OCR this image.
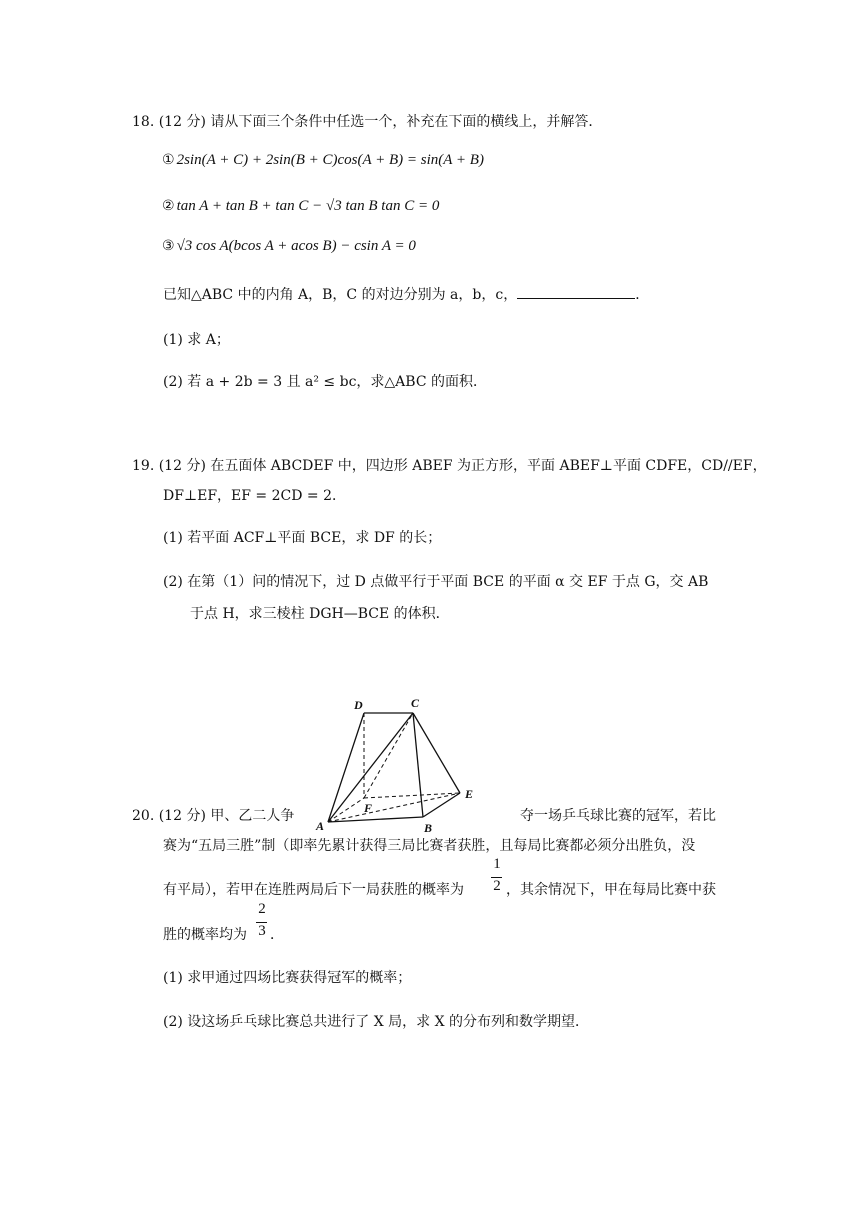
18. (12 分) 请从下面三个条件中任选一个，补充在下面的横线上，并解答．
① 2sin(A + C) + 2sin(B + C)cos(A + B) = sin(A + B)
② tan A + tan B + tan C − √3 tan B tan C = 0
③ √3 cos A(bcos A + acos B) − csin A = 0
已知△ABC 中的内角 A，B，C 的对边分别为 a，b，c，	．
(1) 求 A；
(2) 若 a + 2b = 3 且 a² ≤ bc，求△ABC 的面积．
19. (12 分) 在五面体 ABCDEF 中，四边形 ABEF 为正方形，平面 ABEF⊥平面 CDFE，CD//EF，
DF⊥EF，EF = 2CD = 2．
(1) 若平面 ACF⊥平面 BCE，求 DF 的长；
(2) 在第（1）问的情况下，过 D 点做平行于平面 BCE 的平面 α 交 EF 于点 G，交 AB
于点 H，求三棱柱 DGH—BCE 的体积．
D	C
E
F
A	B
20. (12 分) 甲、乙二人争	夺一场乒乓球比赛的冠军，若比
赛为“五局三胜”制（即率先累计获得三局比赛者获胜，且每局比赛都必须分出胜负，没
有平局），若甲在连胜两局后下一局获胜的概率为
1
2 ，其余情况下，甲在每局比赛中获
胜的概率均为
2
3 ．
(1) 求甲通过四场比赛获得冠军的概率；
(2) 设这场乒乓球比赛总共进行了 X 局，求 X 的分布列和数学期望．
